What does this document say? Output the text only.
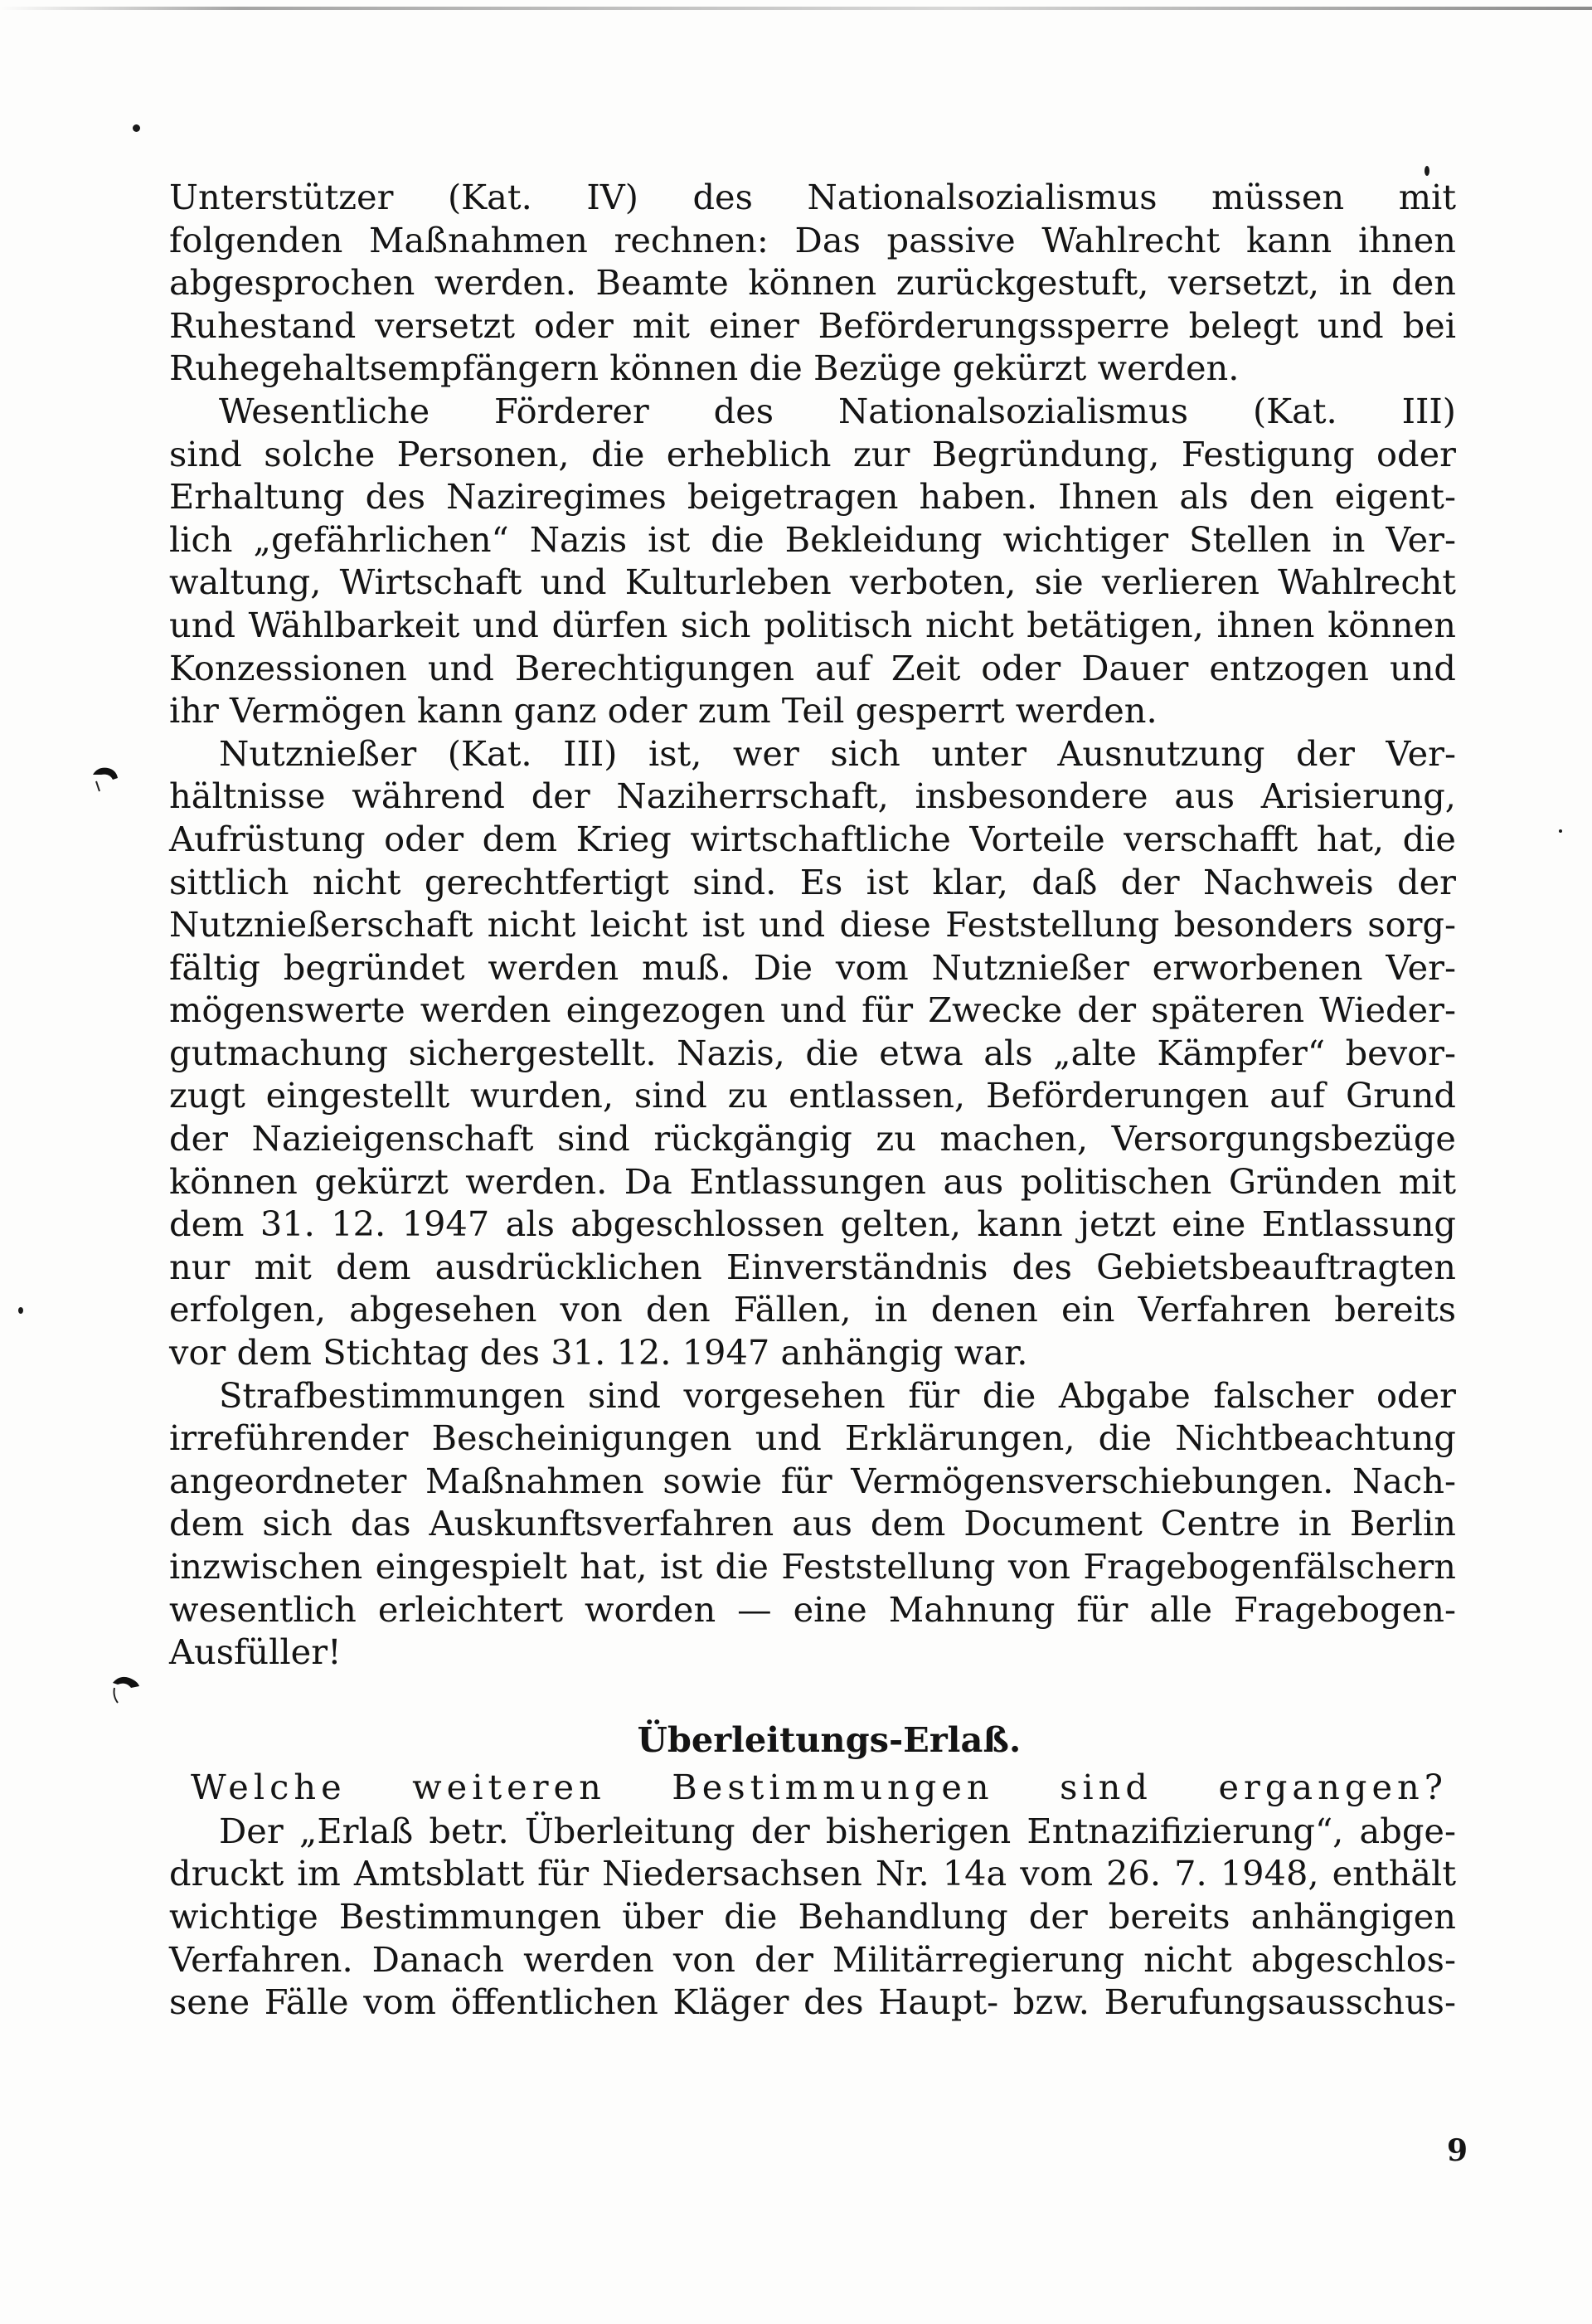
Unterstützer (Kat. IV) des Nationalsozialismus müssen mit
folgenden Maßnahmen rechnen: Das passive Wahlrecht kann ihnen
abgesprochen werden. Beamte können zurückgestuft, versetzt, in den
Ruhestand versetzt oder mit einer Beförderungssperre belegt und bei
Ruhegehaltsempfängern können die Bezüge gekürzt werden.
Wesentliche Förderer des Nationalsozialismus (Kat. III)
sind solche Personen, die erheblich zur Begründung, Festigung oder
Erhaltung des Naziregimes beigetragen haben. Ihnen als den eigent-
lich „gefährlichen“ Nazis ist die Bekleidung wichtiger Stellen in Ver-
waltung, Wirtschaft und Kulturleben verboten, sie verlieren Wahlrecht
und Wählbarkeit und dürfen sich politisch nicht betätigen, ihnen können
Konzessionen und Berechtigungen auf Zeit oder Dauer entzogen und
ihr Vermögen kann ganz oder zum Teil gesperrt werden.
Nutznießer (Kat. III) ist, wer sich unter Ausnutzung der Ver-
hältnisse während der Naziherrschaft, insbesondere aus Arisierung,
Aufrüstung oder dem Krieg wirtschaftliche Vorteile verschafft hat, die
sittlich nicht gerechtfertigt sind. Es ist klar, daß der Nachweis der
Nutznießerschaft nicht leicht ist und diese Feststellung besonders sorg-
fältig begründet werden muß. Die vom Nutznießer erworbenen Ver-
mögenswerte werden eingezogen und für Zwecke der späteren Wieder-
gutmachung sichergestellt. Nazis, die etwa als „alte Kämpfer“ bevor-
zugt eingestellt wurden, sind zu entlassen, Beförderungen auf Grund
der Nazieigenschaft sind rückgängig zu machen, Versorgungsbezüge
können gekürzt werden. Da Entlassungen aus politischen Gründen mit
dem 31. 12. 1947 als abgeschlossen gelten, kann jetzt eine Entlassung
nur mit dem ausdrücklichen Einverständnis des Gebietsbeauftragten
erfolgen, abgesehen von den Fällen, in denen ein Verfahren bereits
vor dem Stichtag des 31. 12. 1947 anhängig war.
Strafbestimmungen sind vorgesehen für die Abgabe falscher oder
irreführender Bescheinigungen und Erklärungen, die Nichtbeachtung
angeordneter Maßnahmen sowie für Vermögensverschiebungen. Nach-
dem sich das Auskunftsverfahren aus dem Document Centre in Berlin
inzwischen eingespielt hat, ist die Feststellung von Fragebogenfälschern
wesentlich erleichtert worden — eine Mahnung für alle Fragebogen-
Ausfüller!
Überleitungs-Erlaß.
Welche weiteren Bestimmungen sind ergangen?
Der „Erlaß betr. Überleitung der bisherigen Entnazifizierung“, abge-
druckt im Amtsblatt für Niedersachsen Nr. 14a vom 26. 7. 1948, enthält
wichtige Bestimmungen über die Behandlung der bereits anhängigen
Verfahren. Danach werden von der Militärregierung nicht abgeschlos-
sene Fälle vom öffentlichen Kläger des Haupt- bzw. Berufungsausschus-
9
